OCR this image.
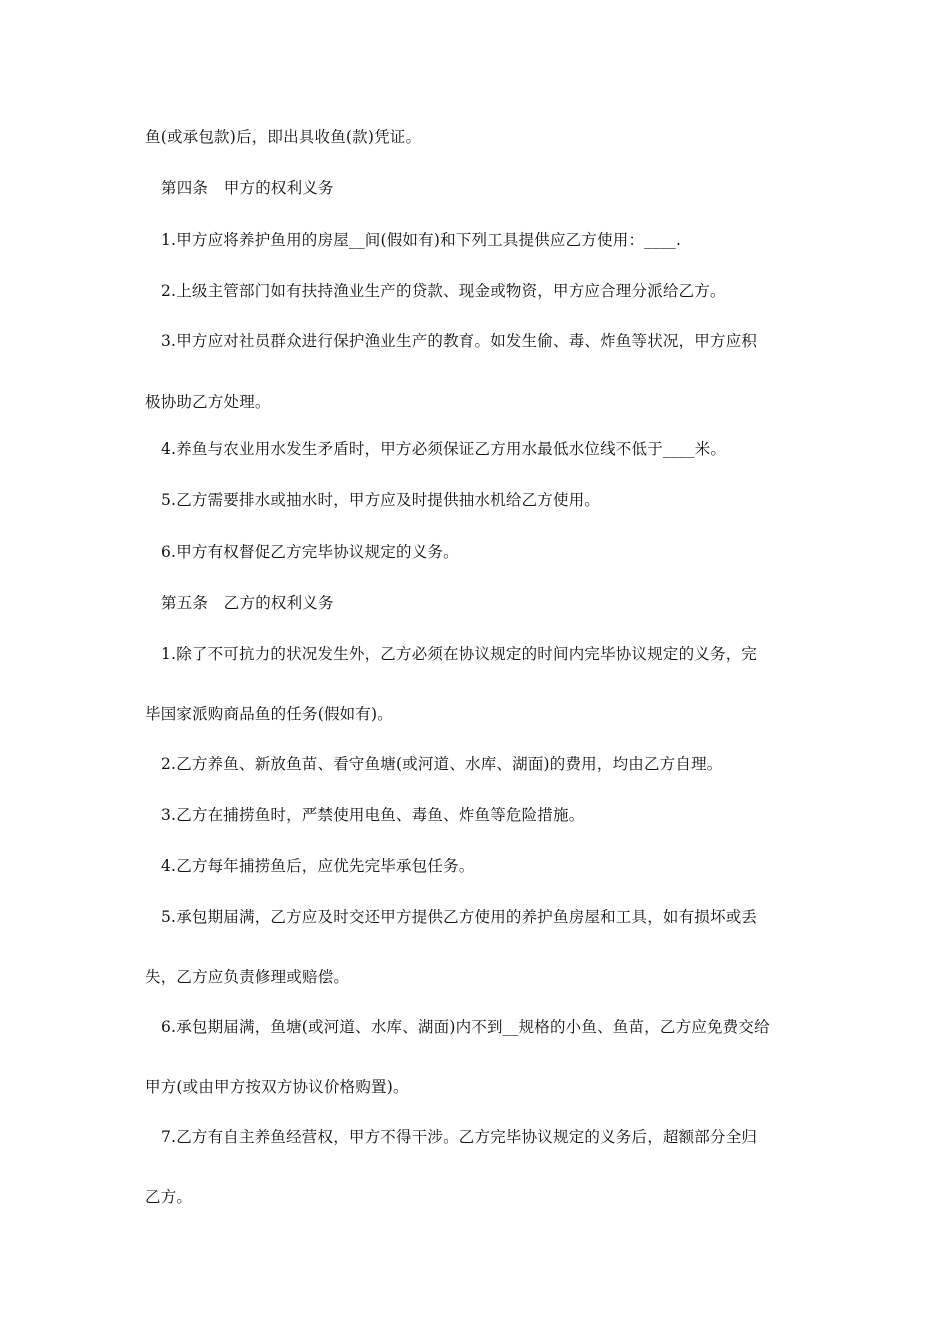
鱼(或承包款)后，即出具收鱼(款)凭证。
第四条　甲方的权利义务
1.甲方应将养护鱼用的房屋__间(假如有)和下列工具提供应乙方使用：____.
2.上级主管部门如有扶持渔业生产的贷款、现金或物资，甲方应合理分派给乙方。
3.甲方应对社员群众进行保护渔业生产的教育。如发生偷、毒、炸鱼等状况，甲方应积
极协助乙方处理。
4.养鱼与农业用水发生矛盾时，甲方必须保证乙方用水最低水位线不低于____米。
5.乙方需要排水或抽水时，甲方应及时提供抽水机给乙方使用。
6.甲方有权督促乙方完毕协议规定的义务。
第五条　乙方的权利义务
1.除了不可抗力的状况发生外，乙方必须在协议规定的时间内完毕协议规定的义务，完
毕国家派购商品鱼的任务(假如有)。
2.乙方养鱼、新放鱼苗、看守鱼塘(或河道、水库、湖面)的费用，均由乙方自理。
3.乙方在捕捞鱼时，严禁使用电鱼、毒鱼、炸鱼等危险措施。
4.乙方每年捕捞鱼后，应优先完毕承包任务。
5.承包期届满，乙方应及时交还甲方提供乙方使用的养护鱼房屋和工具，如有损坏或丢
失，乙方应负责修理或赔偿。
6.承包期届满，鱼塘(或河道、水库、湖面)内不到__规格的小鱼、鱼苗，乙方应免费交给
甲方(或由甲方按双方协议价格购置)。
7.乙方有自主养鱼经营权，甲方不得干涉。乙方完毕协议规定的义务后，超额部分全归
乙方。
